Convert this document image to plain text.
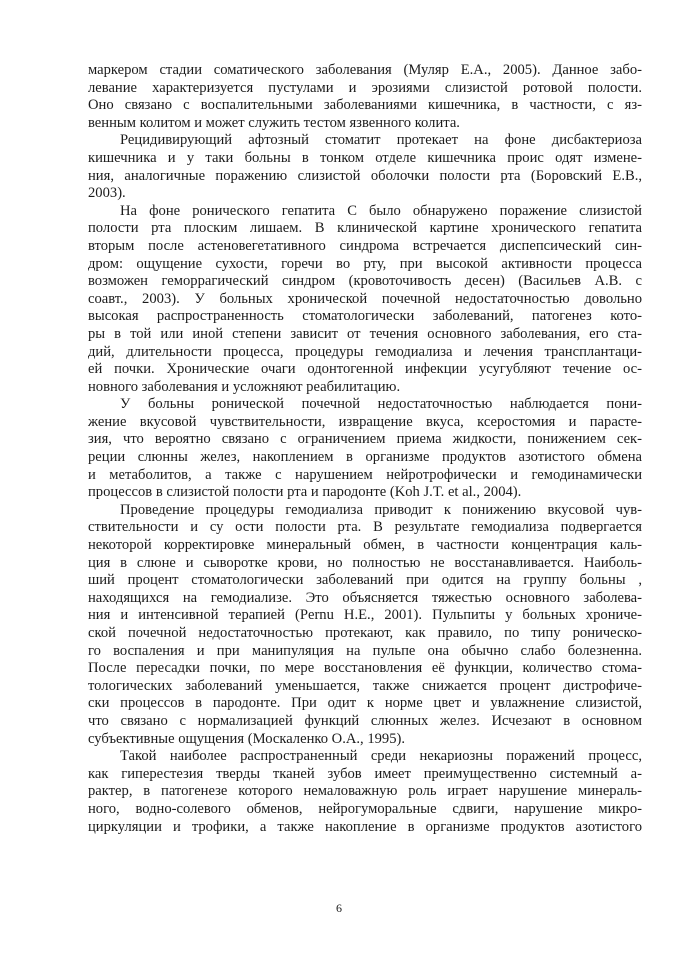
маркером стадии соматического заболевания (Муляр Е.А., 2005). Данное забо-
левание характеризуется пустулами и эрозиями слизистой ротовой полости.
Оно связано с воспалительными заболеваниями кишечника, в частности, с яз-
венным колитом и может служить тестом язвенного колита.
Рецидивирующий афтозный стоматит протекает на фоне дисбактериоза
кишечника и у таки больны в тонком отделе кишечника проис одят измене-
ния, аналогичные поражению слизистой оболочки полости рта (Боровский Е.В.,
2003).
На фоне ронического гепатита С было обнаружено поражение слизистой
полости рта плоским лишаем. В клинической картине хронического гепатита
вторым после астеновегетативного синдрома встречается диспепсический син-
дром: ощущение сухости, горечи во рту, при высокой активности процесса
возможен геморрагический синдром (кровоточивость десен) (Васильев А.В. с
соавт., 2003). У больных хронической почечной недостаточностью довольно
высокая распространенность стоматологически заболеваний, патогенез кото-
ры в той или иной степени зависит от течения основного заболевания, его ста-
дий, длительности процесса, процедуры гемодиализа и лечения трансплантаци-
ей почки. Хронические очаги одонтогенной инфекции усугубляют течение ос-
новного заболевания и усложняют реабилитацию.
У больны ронической почечной недостаточностью наблюдается пони-
жение вкусовой чувствительности, извращение вкуса, ксеростомия и парасте-
зия, что вероятно связано с ограничением приема жидкости, понижением сек-
реции слюнны желез, накоплением в организме продуктов азотистого обмена
и метаболитов, а также с нарушением нейротрофически и гемодинамически
процессов в слизистой полости рта и пародонте (Koh J.T. et al., 2004).
Проведение процедуры гемодиализа приводит к понижению вкусовой чув-
ствительности и су ости полости рта. В результате гемодиализа подвергается
некоторой корректировке минеральный обмен, в частности концентрация каль-
ция в слюне и сыворотке крови, но полностью не восстанавливается. Наиболь-
ший процент стоматологически заболеваний при одится на группу больны ,
находящихся на гемодиализе. Это объясняется тяжестью основного заболева-
ния и интенсивной терапией (Pernu H.E., 2001). Пульпиты у больных хрониче-
ской почечной недостаточностью протекают, как правило, по типу роническо-
го воспаления и при манипуляция на пульпе она обычно слабо болезненна.
После пересадки почки, по мере восстановления её функции, количество стома-
тологических заболеваний уменьшается, также снижается процент дистрофиче-
ски процессов в пародонте. При одит к норме цвет и увлажнение слизистой,
что связано с нормализацией функций слюнных желез. Исчезают в основном
субъективные ощущения (Москаленко О.А., 1995).
Такой наиболее распространенный среди некариозны поражений процесс,
как гиперестезия тверды тканей зубов имеет преимущественно системный а-
рактер, в патогенезе которого немаловажную роль играет нарушение минераль-
ного, водно-солевого обменов, нейрогуморальные сдвиги, нарушение микро-
циркуляции и трофики, а также накопление в организме продуктов азотистого
6
